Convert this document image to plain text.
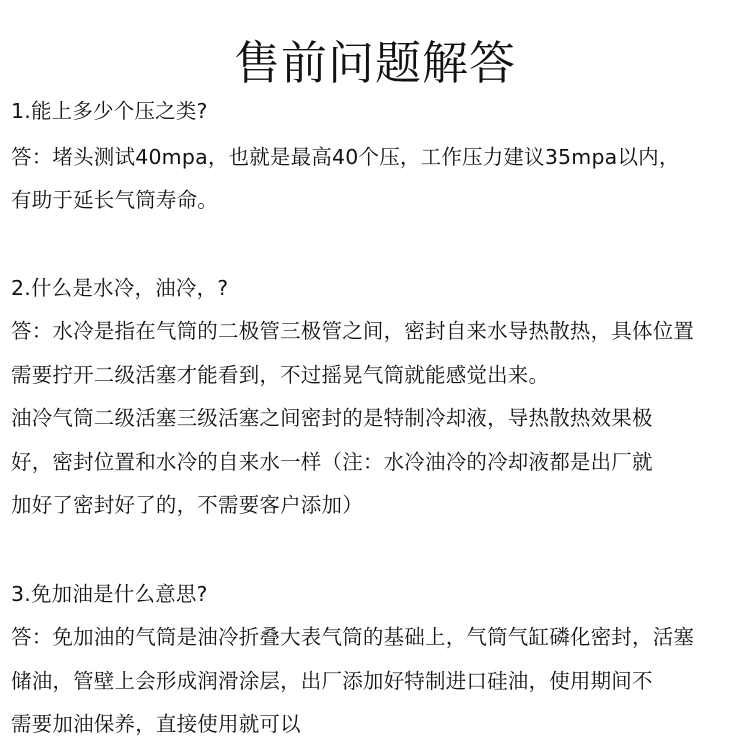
售前问题解答
1.能上多少个压之类?
答：堵头测试40mpa，也就是最高40个压，工作压力建议35mpa以内，
有助于延长气筒寿命。
2.什么是水冷，油冷，?
答：水冷是指在气筒的二极管三极管之间，密封自来水导热散热，具体位置
需要拧开二级活塞才能看到，不过摇晃气筒就能感觉出来。
油冷气筒二级活塞三级活塞之间密封的是特制冷却液，导热散热效果极
好，密封位置和水冷的自来水一样（注：水冷油冷的冷却液都是出厂就
加好了密封好了的，不需要客户添加）
3.免加油是什么意思?
答：免加油的气筒是油冷折叠大表气筒的基础上，气筒气缸磷化密封，活塞
储油，管壁上会形成润滑涂层，出厂添加好特制进口硅油，使用期间不
需要加油保养，直接使用就可以
